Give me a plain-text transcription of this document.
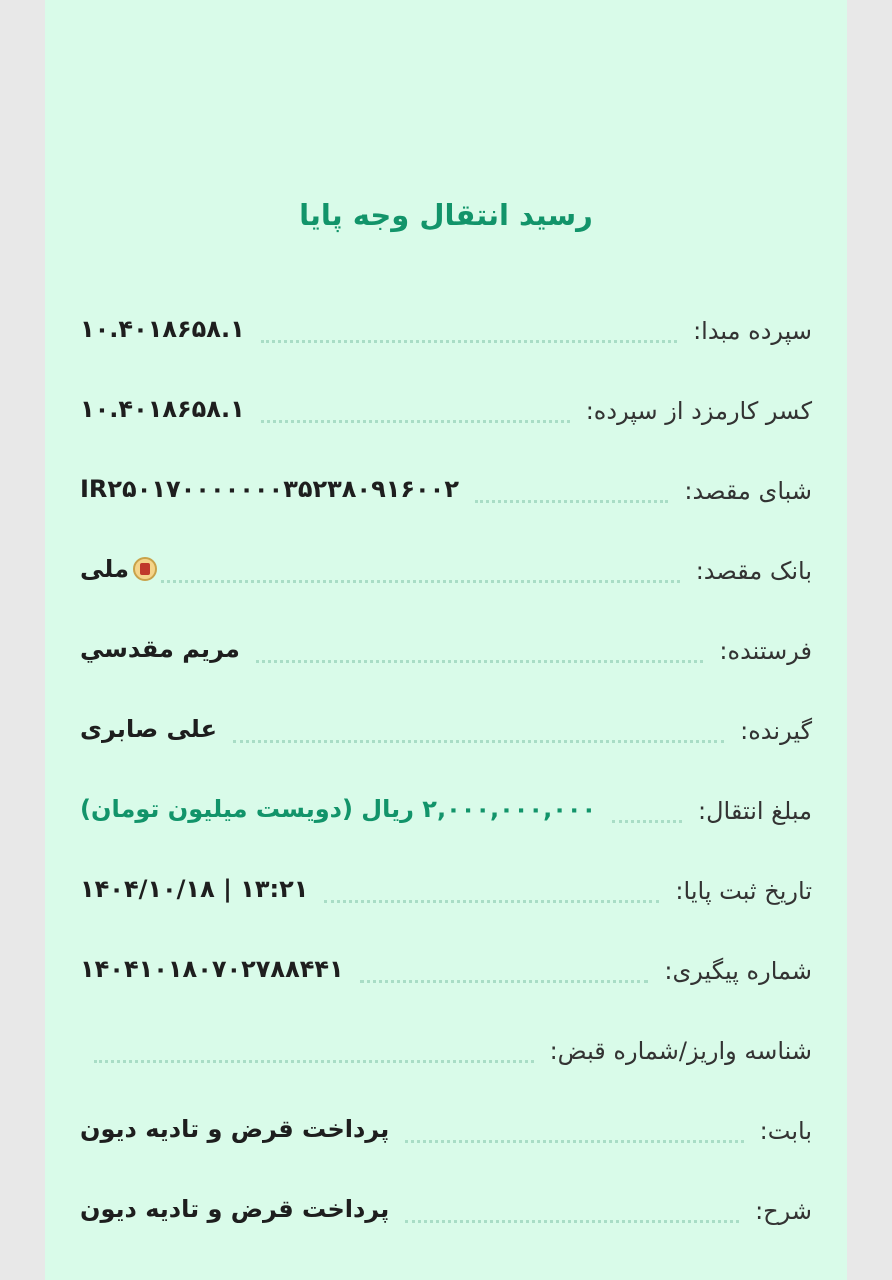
رسید انتقال وجه پایا
سپرده مبدا:
۱۰.۴۰۱۸۶۵۸.۱
کسر کارمزد از سپرده:
۱۰.۴۰۱۸۶۵۸.۱
شبای مقصد:
IR۲۵۰۱۷۰۰۰۰۰۰۰۳۵۲۳۸۰۹۱۶۰۰۲
بانک مقصد:
ملی
فرستنده:
مریم مقدسي
گیرنده:
علی صابری
مبلغ انتقال:
۲,۰۰۰,۰۰۰,۰۰۰ ریال (دویست میلیون تومان)
تاریخ ثبت پایا:
۱۴۰۴/۱۰/۱۸ | ۱۳:۲۱
شماره پیگیری:
۱۴۰۴۱۰۱۸۰۷۰۲۷۸۸۴۴۱
شناسه واریز/شماره قبض:
بابت:
پرداخت قرض و تادیه دیون
شرح:
پرداخت قرض و تادیه دیون
